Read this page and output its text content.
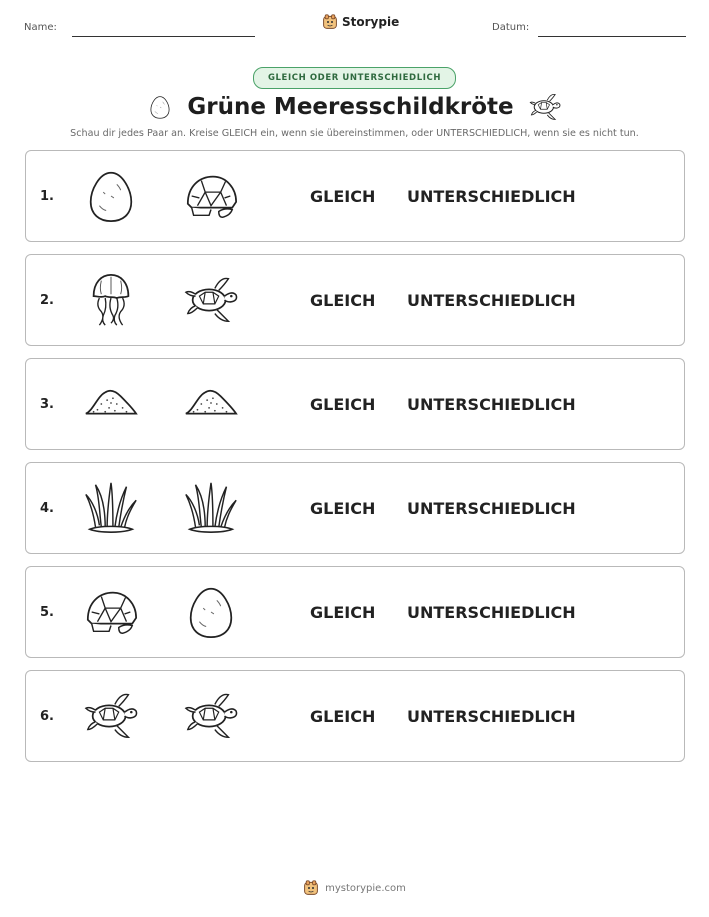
Name:	Storypie	Datum:
GLEICH ODER UNTERSCHIEDLICH
Grüne Meeresschildkröte
Schau dir jedes Paar an. Kreise GLEICH ein, wenn sie übereinstimmen, oder UNTERSCHIEDLICH, wenn sie es nicht tun.
1.	GLEICH UNTERSCHIEDLICH
2.	GLEICH UNTERSCHIEDLICH
3.	GLEICH UNTERSCHIEDLICH
4.	GLEICH UNTERSCHIEDLICH
5.	GLEICH UNTERSCHIEDLICH
6.	GLEICH UNTERSCHIEDLICH
mystorypie.com
